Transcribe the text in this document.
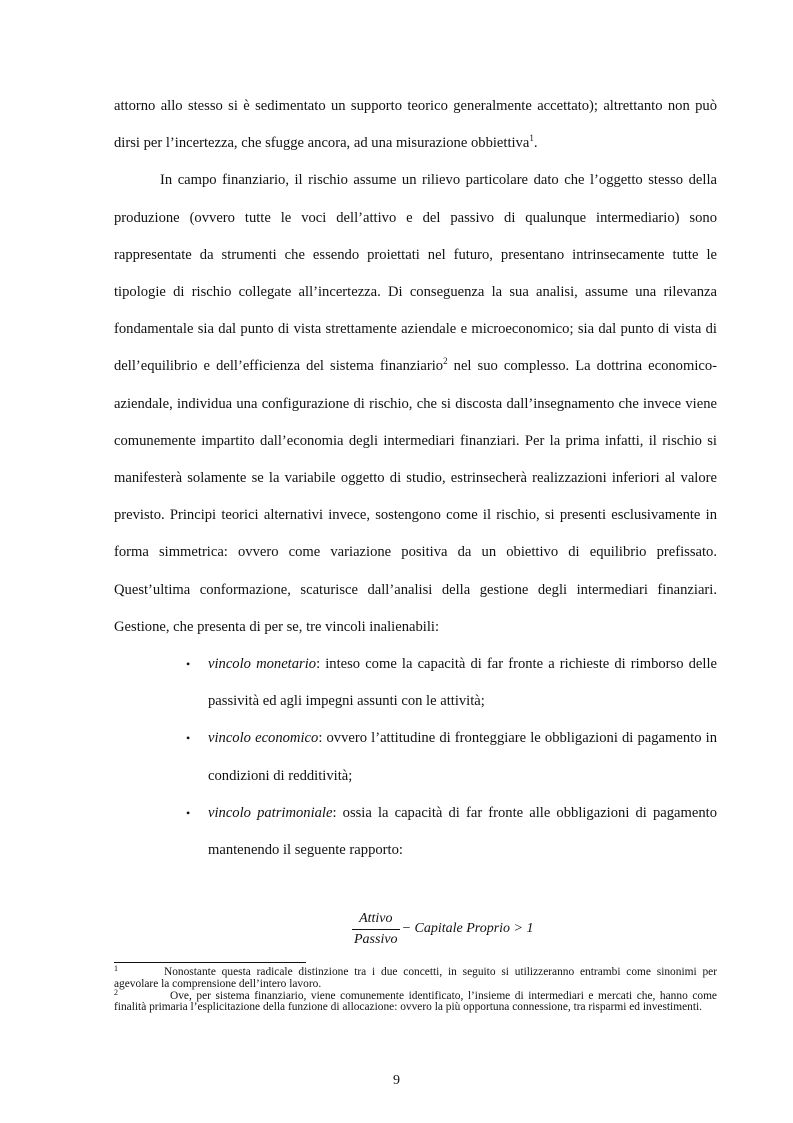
attorno allo stesso si è sedimentato un supporto teorico generalmente accettato); altrettanto non può dirsi per l’incertezza, che sfugge ancora, ad una misurazione obbiettiva$^1$.

In campo finanziario, il rischio assume un rilievo particolare dato che l’oggetto stesso della produzione (ovvero tutte le voci dell’attivo e del passivo di qualunque intermediario) sono rappresentate da strumenti che essendo proiettati nel futuro, presentano intrinsecamente tutte le tipologie di rischio collegate all’incertezza. Di conseguenza la sua analisi, assume una rilevanza fondamentale sia dal punto di vista strettamente aziendale e microeconomico; sia dal punto di vista di dell’equilibrio e dell’efficienza del sistema finanziario$^2$ nel suo complesso. La dottrina economico-aziendale, individua una configurazione di rischio, che si discosta dall’insegnamento che invece viene comunemente impartito dall’economia degli intermediari finanziari. Per la prima infatti, il rischio si manifesterà solamente se la variabile oggetto di studio, estrinsecherà realizzazioni inferiori al valore previsto. Principi teorici alternativi invece, sostengono come il rischio, si presenti esclusivamente in forma simmetrica: ovvero come variazione positiva da un obiettivo di equilibrio prefissato. Quest’ultima conformazione, scaturisce dall’analisi della gestione degli intermediari finanziari. Gestione, che presenta di per se, tre vincoli inalienabili:

• vincolo monetario: inteso come la capacità di far fronte a richieste di rimborso delle passività ed agli impegni assunti con le attività;
• vincolo economico: ovvero l’attitudine di fronteggiare le obbligazioni di pagamento in condizioni di redditività;
• vincolo patrimoniale: ossia la capacità di far fronte alle obbligazioni di pagamento mantenendo il seguente rapporto:
$\frac{\text{Attivo}}{\text{Passivo}}$ − Capitale Proprio > 1

$^1$	Nonostante questa radicale distinzione tra i due concetti, in seguito si utilizzeranno entrambi come sinonimi per agevolare la comprensione dell’intero lavoro.

$^2$	Ove, per sistema finanziario, viene comunemente identificato, l’insieme di intermediari e mercati che, hanno come finalità primaria l’esplicitazione della funzione di allocazione: ovvero la più opportuna connessione, tra risparmi ed investimenti.

9
